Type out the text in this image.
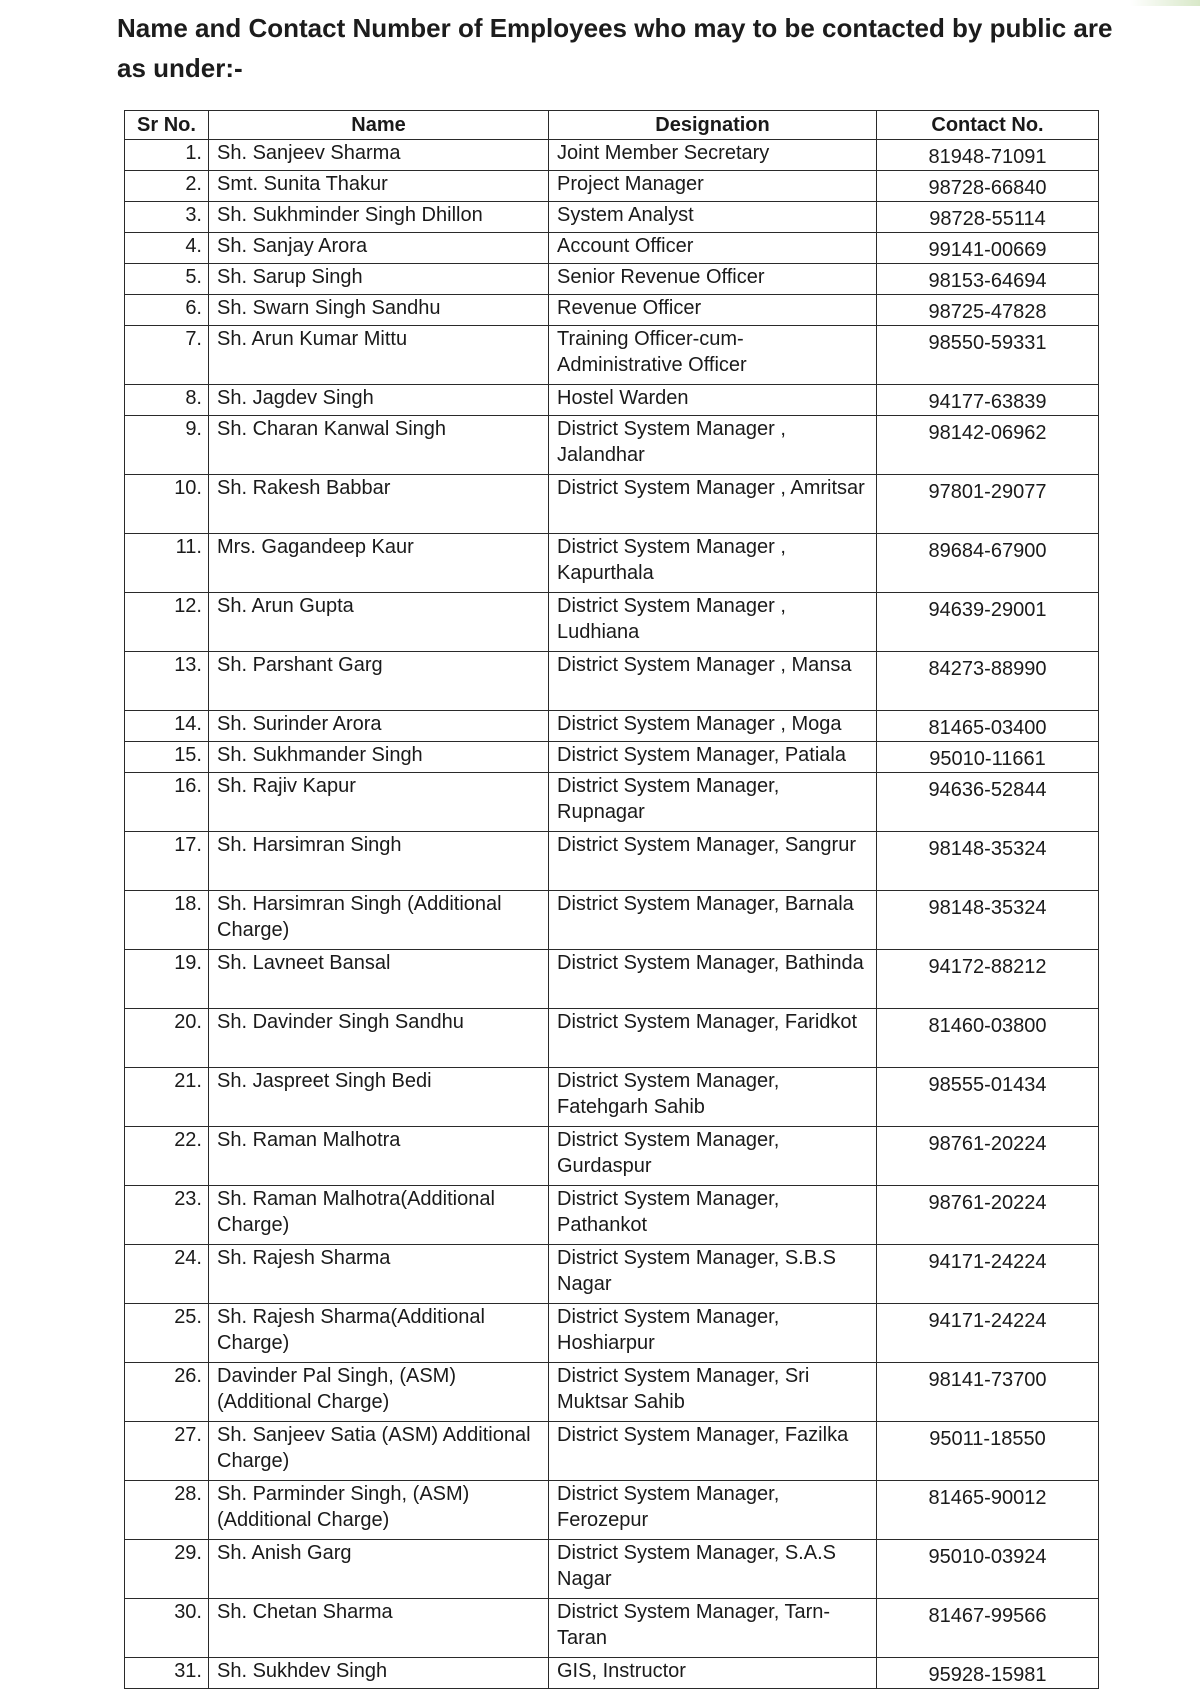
Name and Contact Number of Employees who may to be contacted by public are as under:-
Sr No.	Name	Designation	Contact No.
1.	Sh. Sanjeev Sharma	Joint Member Secretary	81948-71091
2.	Smt. Sunita Thakur	Project Manager	98728-66840
3.	Sh. Sukhminder Singh Dhillon	System Analyst	98728-55114
4.	Sh. Sanjay Arora	Account Officer	99141-00669
5.	Sh. Sarup Singh	Senior Revenue Officer	98153-64694
6.	Sh. Swarn Singh Sandhu	Revenue Officer	98725-47828
7.	Sh. Arun Kumar Mittu	Training Officer-cum-Administrative Officer	98550-59331
8.	Sh. Jagdev Singh	Hostel Warden	94177-63839
9.	Sh. Charan Kanwal Singh	District System Manager , Jalandhar	98142-06962
10.	Sh. Rakesh Babbar	District System Manager , Amritsar	97801-29077
11.	Mrs. Gagandeep Kaur	District System Manager , Kapurthala	89684-67900
12.	Sh. Arun Gupta	District System Manager , Ludhiana	94639-29001
13.	Sh. Parshant Garg	District System Manager , Mansa	84273-88990
14.	Sh. Surinder Arora	District System Manager , Moga	81465-03400
15.	Sh. Sukhmander Singh	District System Manager, Patiala	95010-11661
16.	Sh. Rajiv Kapur	District System Manager, Rupnagar	94636-52844
17.	Sh. Harsimran Singh	District System Manager, Sangrur	98148-35324
18.	Sh. Harsimran Singh (Additional Charge)	District System Manager, Barnala	98148-35324
19.	Sh. Lavneet Bansal	District System Manager, Bathinda	94172-88212
20.	Sh. Davinder Singh Sandhu	District System Manager, Faridkot	81460-03800
21.	Sh. Jaspreet Singh Bedi	District System Manager, Fatehgarh Sahib	98555-01434
22.	Sh. Raman Malhotra	District System Manager, Gurdaspur	98761-20224
23.	Sh. Raman Malhotra(Additional Charge)	District System Manager, Pathankot	98761-20224
24.	Sh. Rajesh Sharma	District System Manager, S.B.S Nagar	94171-24224
25.	Sh. Rajesh Sharma(Additional Charge)	District System Manager, Hoshiarpur	94171-24224
26.	Davinder Pal Singh, (ASM) (Additional Charge)	District System Manager, Sri Muktsar Sahib	98141-73700
27.	Sh. Sanjeev Satia (ASM) Additional Charge)	District System Manager, Fazilka	95011-18550
28.	Sh. Parminder Singh, (ASM) (Additional Charge)	District System Manager, Ferozepur	81465-90012
29.	Sh. Anish Garg	District System Manager, S.A.S Nagar	95010-03924
30.	Sh. Chetan Sharma	District System Manager, Tarn-Taran	81467-99566
31.	Sh. Sukhdev Singh	GIS, Instructor	95928-15981
